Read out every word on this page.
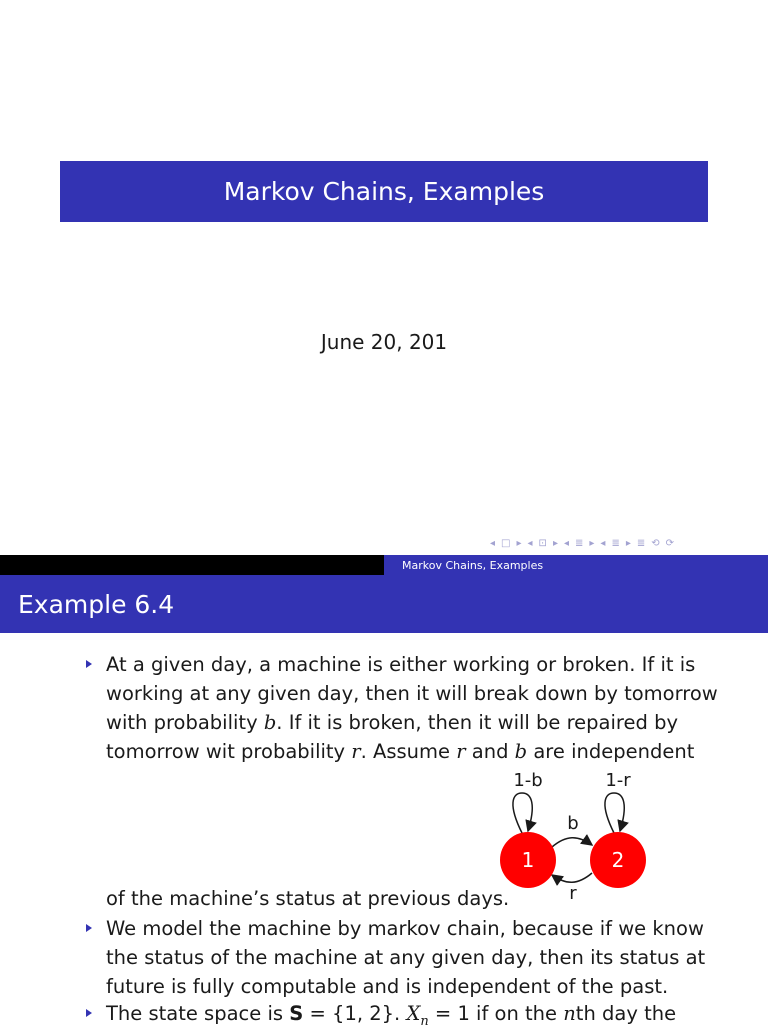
Markov Chains, Examples
June 20, 201
◂ □ ▸ ◂ ⊡ ▸ ◂ ≣ ▸ ◂ ≣ ▸ ≣ ⟲ ⟳
Markov Chains, Examples
Example 6.4
At a given day, a machine is either working or broken. If it is
working at any given day, then it will break down by tomorrow
with probability b. If it is broken, then it will be repaired by
tomorrow wit probability r. Assume r and b are independent
1	2
1-b	1-r
b
r
of the machine’s status at previous days.
We model the machine by markov chain, because if we know
the status of the machine at any given day, then its status at
future is fully computable and is independent of the past.
The state space is S = {1, 2}. $X_n = 1$ if on the nth day the
